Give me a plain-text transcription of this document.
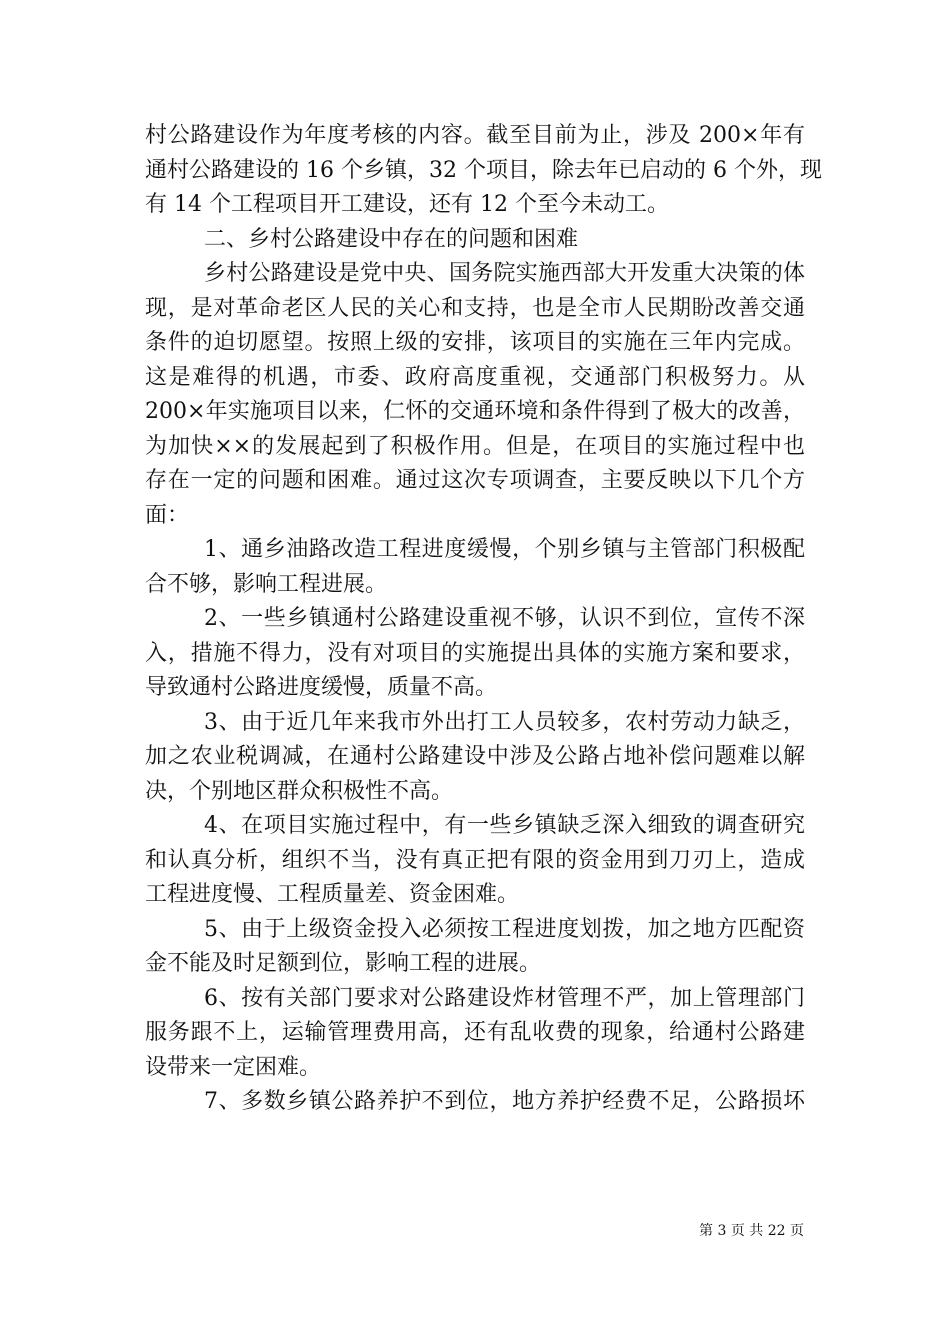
村公路建设作为年度考核的内容。截至目前为止，涉及 200×年有
通村公路建设的 16 个乡镇，32 个项目，除去年已启动的 6 个外，现
有 14 个工程项目开工建设，还有 12 个至今未动工。
二、乡村公路建设中存在的问题和困难
乡村公路建设是党中央、国务院实施西部大开发重大决策的体
现，是对革命老区人民的关心和支持，也是全市人民期盼改善交通
条件的迫切愿望。按照上级的安排，该项目的实施在三年内完成。
这是难得的机遇，市委、政府高度重视，交通部门积极努力。从
200×年实施项目以来，仁怀的交通环境和条件得到了极大的改善，
为加快××的发展起到了积极作用。但是，在项目的实施过程中也
存在一定的问题和困难。通过这次专项调查，主要反映以下几个方
面：
1、通乡油路改造工程进度缓慢，个别乡镇与主管部门积极配
合不够，影响工程进展。
2、一些乡镇通村公路建设重视不够，认识不到位，宣传不深
入，措施不得力，没有对项目的实施提出具体的实施方案和要求，
导致通村公路进度缓慢，质量不高。
3、由于近几年来我市外出打工人员较多，农村劳动力缺乏，
加之农业税调减，在通村公路建设中涉及公路占地补偿问题难以解
决，个别地区群众积极性不高。
4、在项目实施过程中，有一些乡镇缺乏深入细致的调查研究
和认真分析，组织不当，没有真正把有限的资金用到刀刃上，造成
工程进度慢、工程质量差、资金困难。
5、由于上级资金投入必须按工程进度划拨，加之地方匹配资
金不能及时足额到位，影响工程的进展。
6、按有关部门要求对公路建设炸材管理不严，加上管理部门
服务跟不上，运输管理费用高，还有乱收费的现象，给通村公路建
设带来一定困难。
7、多数乡镇公路养护不到位，地方养护经费不足，公路损坏
第 3 页 共 22 页
